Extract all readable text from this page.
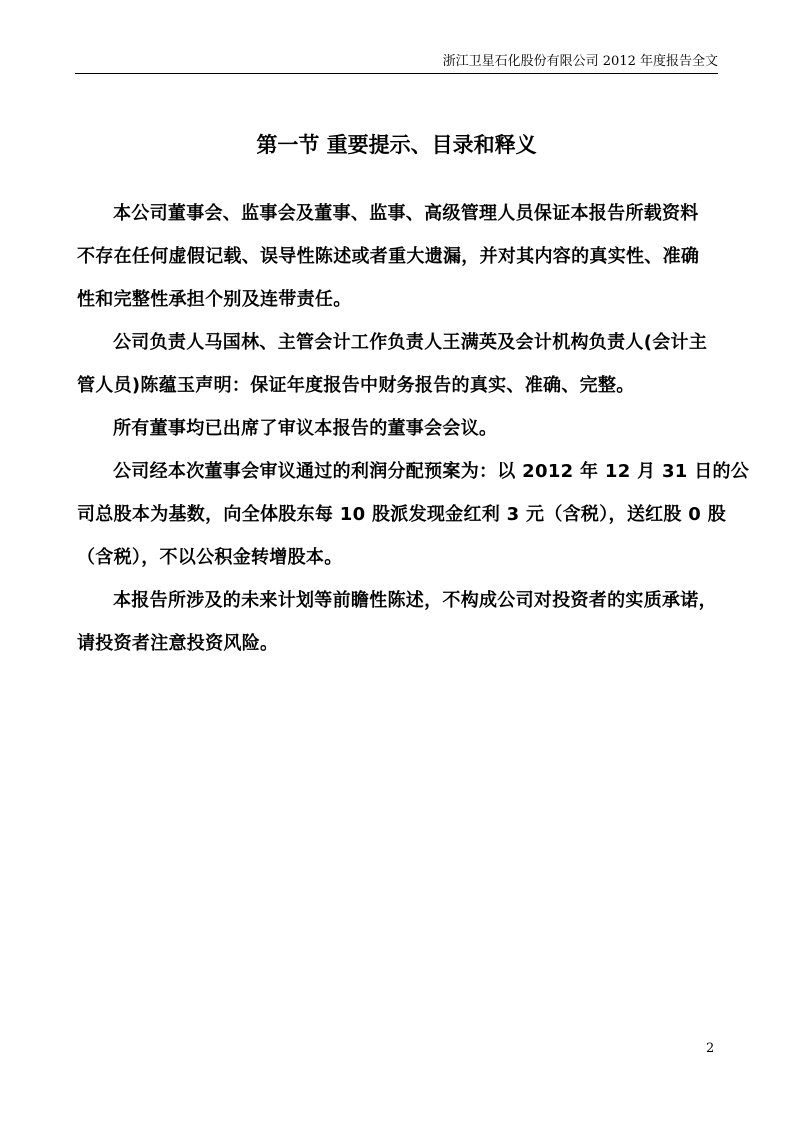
浙江卫星石化股份有限公司 2012 年度报告全文
第一节 重要提示、目录和释义
本公司董事会、监事会及董事、监事、高级管理人员保证本报告所载资料
不存在任何虚假记载、误导性陈述或者重大遗漏，并对其内容的真实性、准确
性和完整性承担个别及连带责任。
公司负责人马国林、主管会计工作负责人王满英及会计机构负责人(会计主
管人员)陈蕴玉声明：保证年度报告中财务报告的真实、准确、完整。
所有董事均已出席了审议本报告的董事会会议。
公司经本次董事会审议通过的利润分配预案为：以 2012 年 12 月 31 日的公
司总股本为基数，向全体股东每 10 股派发现金红利 3 元（含税），送红股 0 股
（含税），不以公积金转增股本。
本报告所涉及的未来计划等前瞻性陈述，不构成公司对投资者的实质承诺，
请投资者注意投资风险。
2
